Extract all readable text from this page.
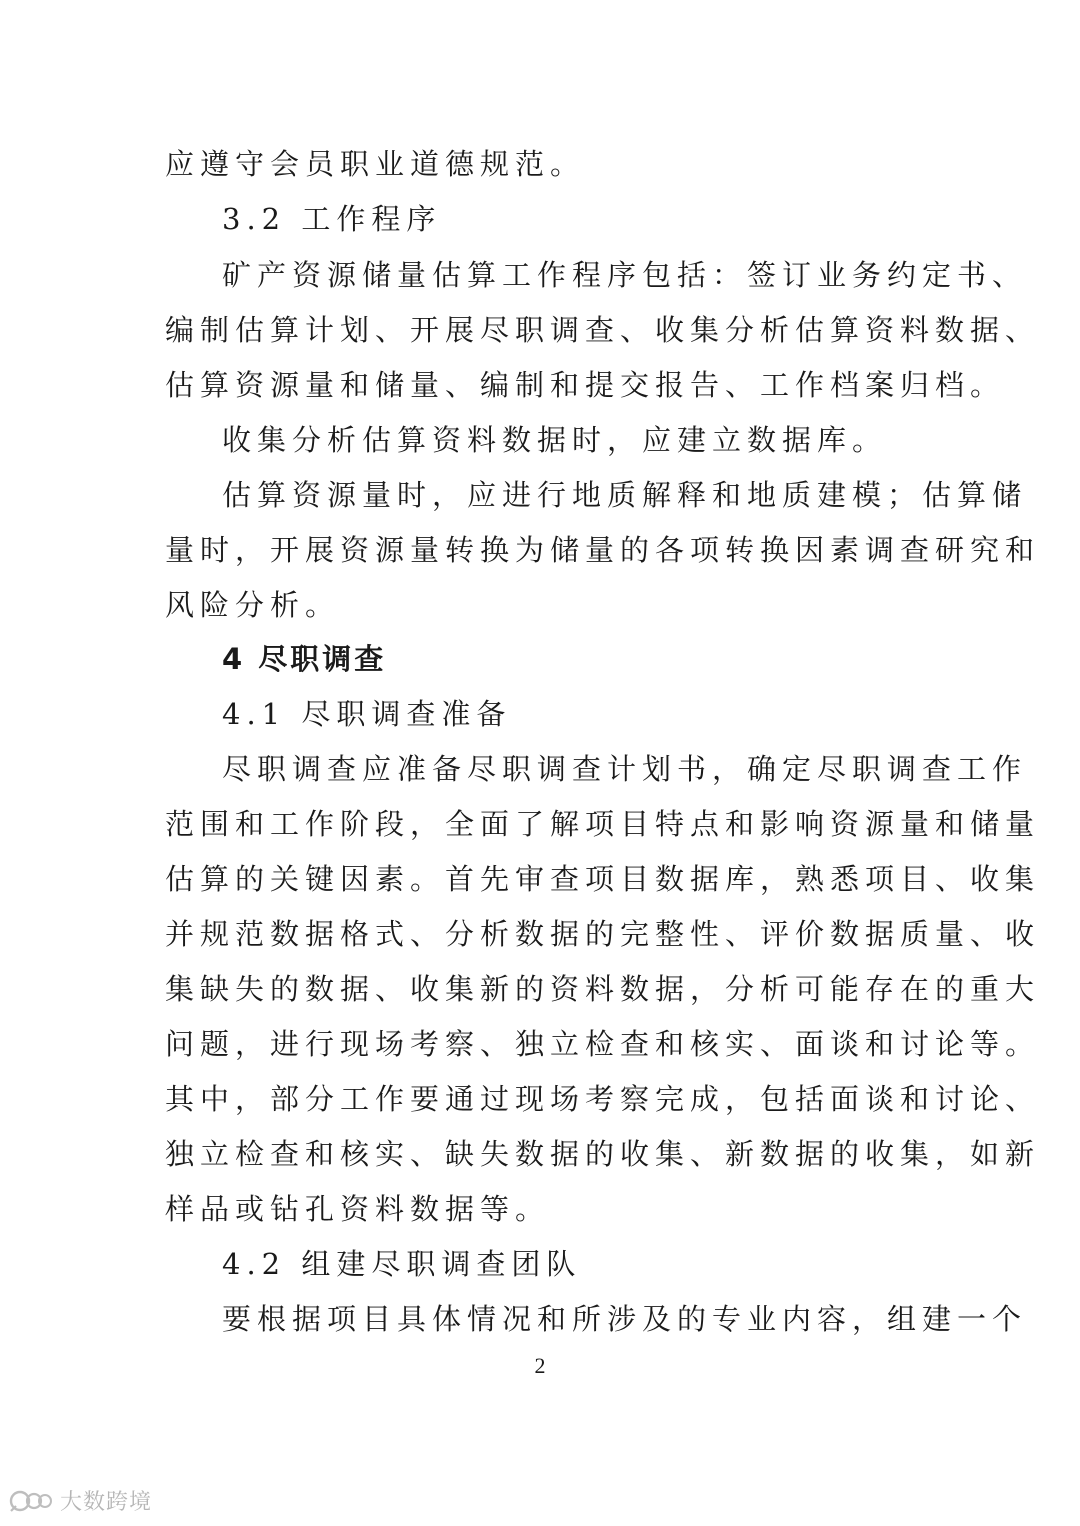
应遵守会员职业道德规范。
3.2 工作程序
矿产资源储量估算工作程序包括：签订业务约定书、
编制估算计划、开展尽职调查、收集分析估算资料数据、
估算资源量和储量、编制和提交报告、工作档案归档。
收集分析估算资料数据时，应建立数据库。
估算资源量时，应进行地质解释和地质建模；估算储
量时，开展资源量转换为储量的各项转换因素调查研究和
风险分析。
4 尽职调查
4.1 尽职调查准备
尽职调查应准备尽职调查计划书，确定尽职调查工作
范围和工作阶段，全面了解项目特点和影响资源量和储量
估算的关键因素。首先审查项目数据库，熟悉项目、收集
并规范数据格式、分析数据的完整性、评价数据质量、收
集缺失的数据、收集新的资料数据，分析可能存在的重大
问题，进行现场考察、独立检查和核实、面谈和讨论等。
其中，部分工作要通过现场考察完成，包括面谈和讨论、
独立检查和核实、缺失数据的收集、新数据的收集，如新
样品或钻孔资料数据等。
4.2 组建尽职调查团队
要根据项目具体情况和所涉及的专业内容，组建一个
2
大数跨境
